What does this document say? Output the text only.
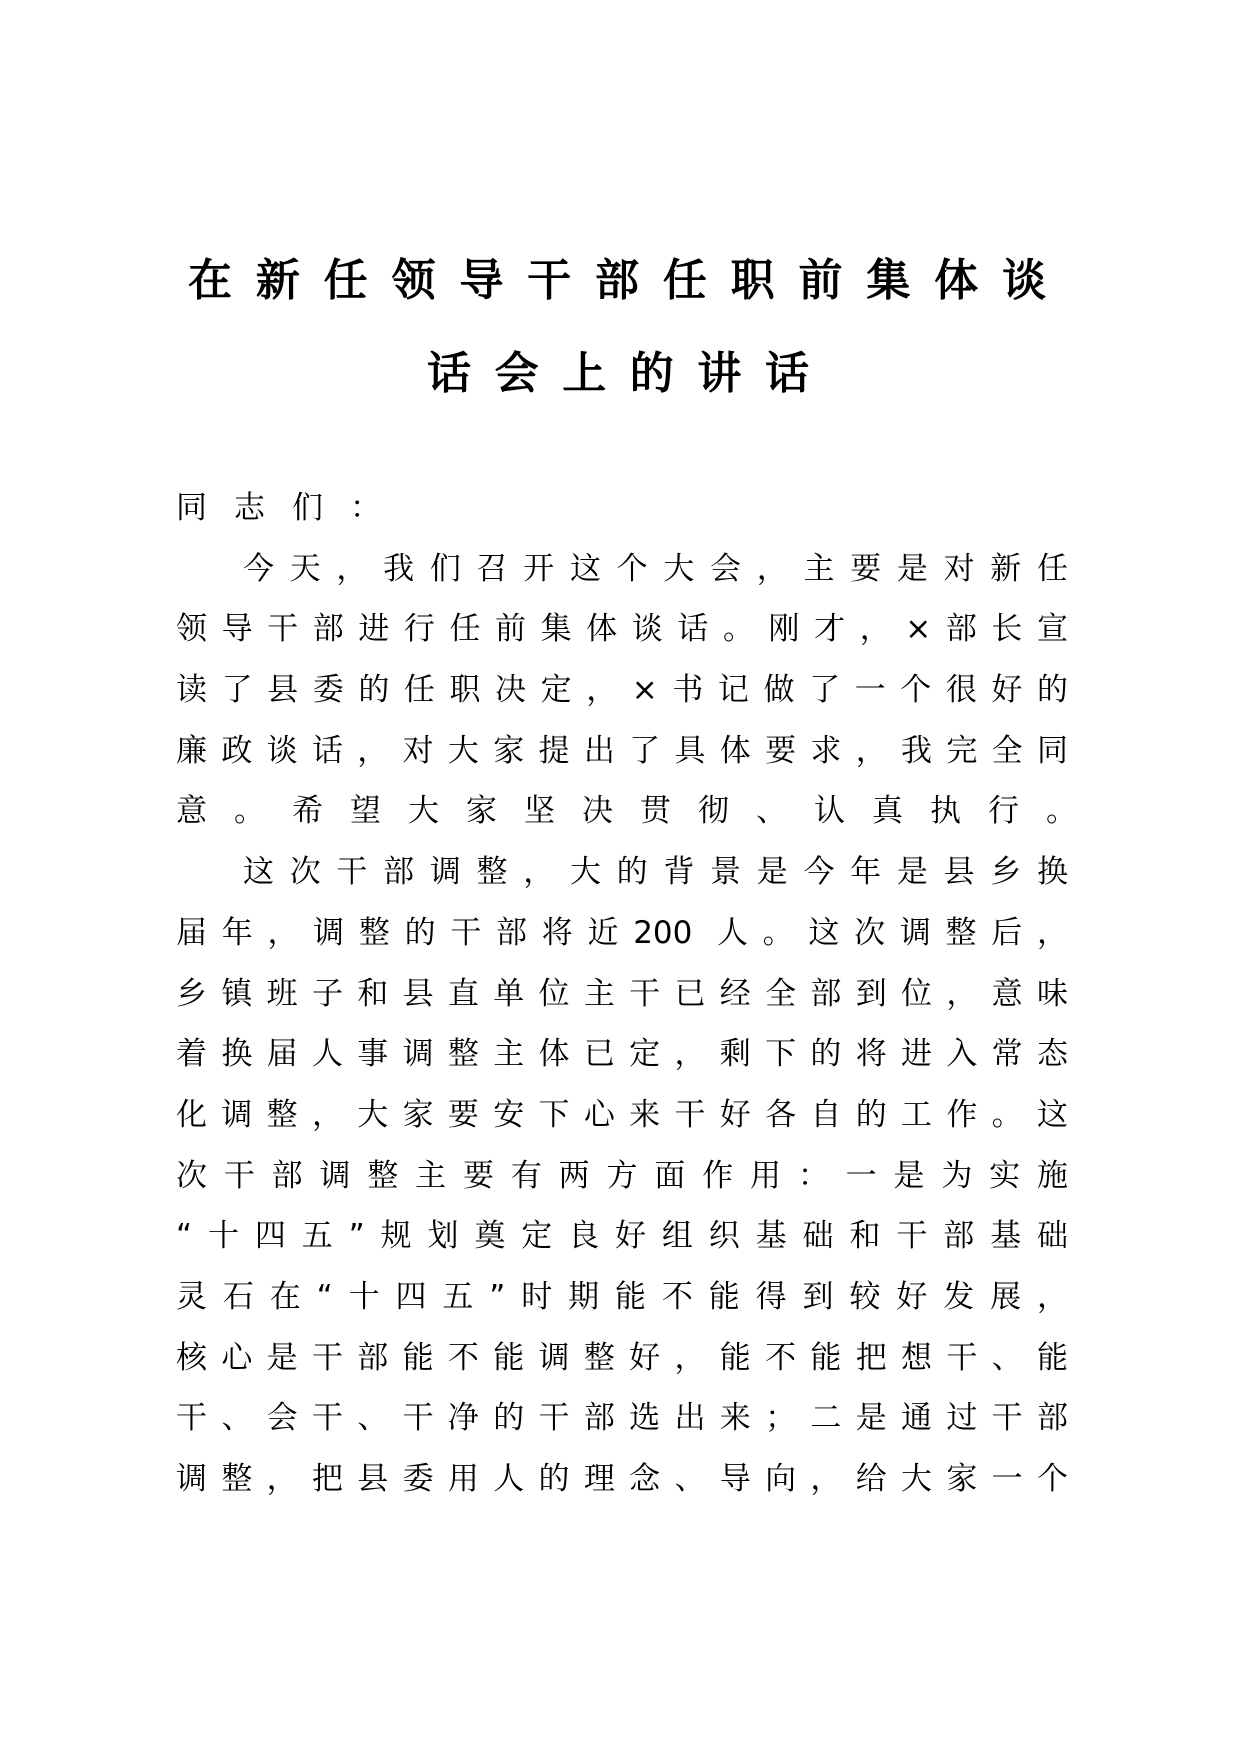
在新任领导干部任职前集体谈
话会上的讲话
同志们：
今天，我们召开这个大会，主要是对新任
领导干部进行任前集体谈话。刚才，×部长宣
读了县委的任职决定，×书记做了一个很好的
廉政谈话，对大家提出了具体要求，我完全同
意。希望大家坚决贯彻、认真执行。
这次干部调整，大的背景是今年是县乡换
届年，调整的干部将近200 人。这次调整后，
乡镇班子和县直单位主干已经全部到位，意味
着换届人事调整主体已定，剩下的将进入常态
化调整，大家要安下心来干好各自的工作。这
次干部调整主要有两方面作用：一是为实施
“十四五”规划奠定良好组织基础和干部基础
灵石在“十四五”时期能不能得到较好发展，
核心是干部能不能调整好，能不能把想干、能
干、会干、干净的干部选出来；二是通过干部
调整，把县委用人的理念、导向，给大家一个
